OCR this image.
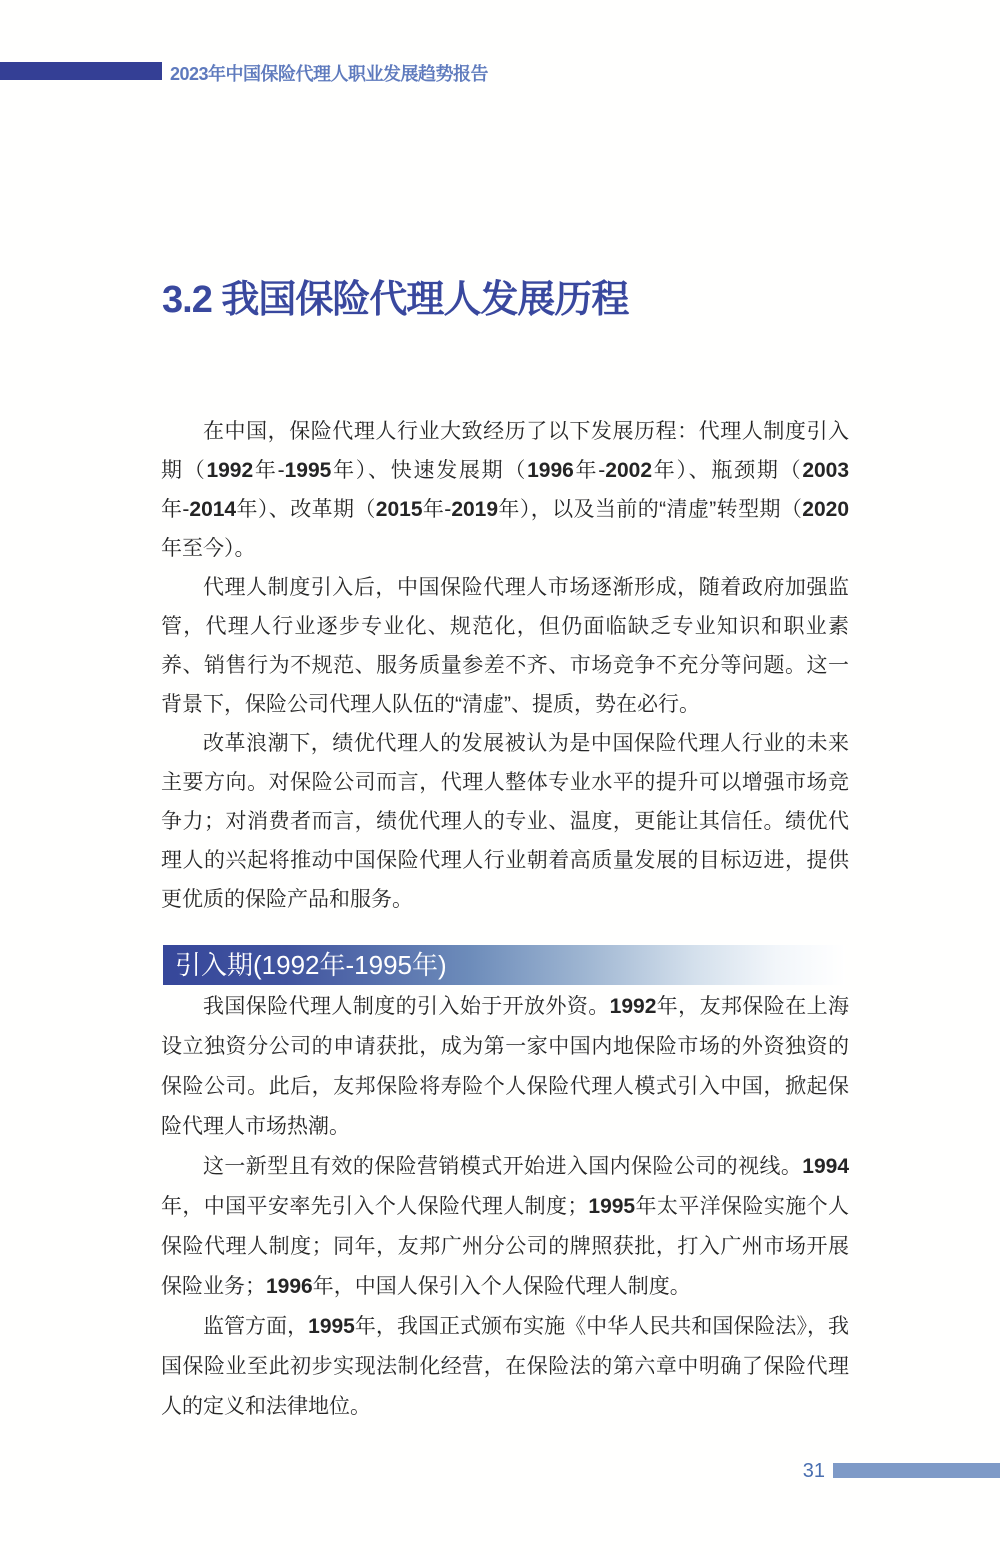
2023年中国保险代理人职业发展趋势报告
3.2 我国保险代理人发展历程

在中国，保险代理人行业大致经历了以下发展历程：代理人制度引入期（1992年-1995年）、快速发展期（1996年-2002年）、瓶颈期（2003年-2014年）、改革期（2015年-2019年），以及当前的“清虚”转型期（2020年至今）。

代理人制度引入后，中国保险代理人市场逐渐形成，随着政府加强监管，代理人行业逐步专业化、规范化，但仍面临缺乏专业知识和职业素养、销售行为不规范、服务质量参差不齐、市场竞争不充分等问题。这一背景下，保险公司代理人队伍的“清虚”、提质，势在必行。

改革浪潮下，绩优代理人的发展被认为是中国保险代理人行业的未来主要方向。对保险公司而言，代理人整体专业水平的提升可以增强市场竞争力；对消费者而言，绩优代理人的专业、温度，更能让其信任。绩优代理人的兴起将推动中国保险代理人行业朝着高质量发展的目标迈进，提供更优质的保险产品和服务。

引入期(1992年-1995年)

我国保险代理人制度的引入始于开放外资。1992年，友邦保险在上海设立独资分公司的申请获批，成为第一家中国内地保险市场的外资独资的保险公司。此后，友邦保险将寿险个人保险代理人模式引入中国，掀起保险代理人市场热潮。

这一新型且有效的保险营销模式开始进入国内保险公司的视线。1994年，中国平安率先引入个人保险代理人制度；1995年太平洋保险实施个人保险代理人制度；同年，友邦广州分公司的牌照获批，打入广州市场开展保险业务；1996年，中国人保引入个人保险代理人制度。

监管方面，1995年，我国正式颁布实施《中华人民共和国保险法》，我国保险业至此初步实现法制化经营，在保险法的第六章中明确了保险代理人的定义和法律地位。

31
